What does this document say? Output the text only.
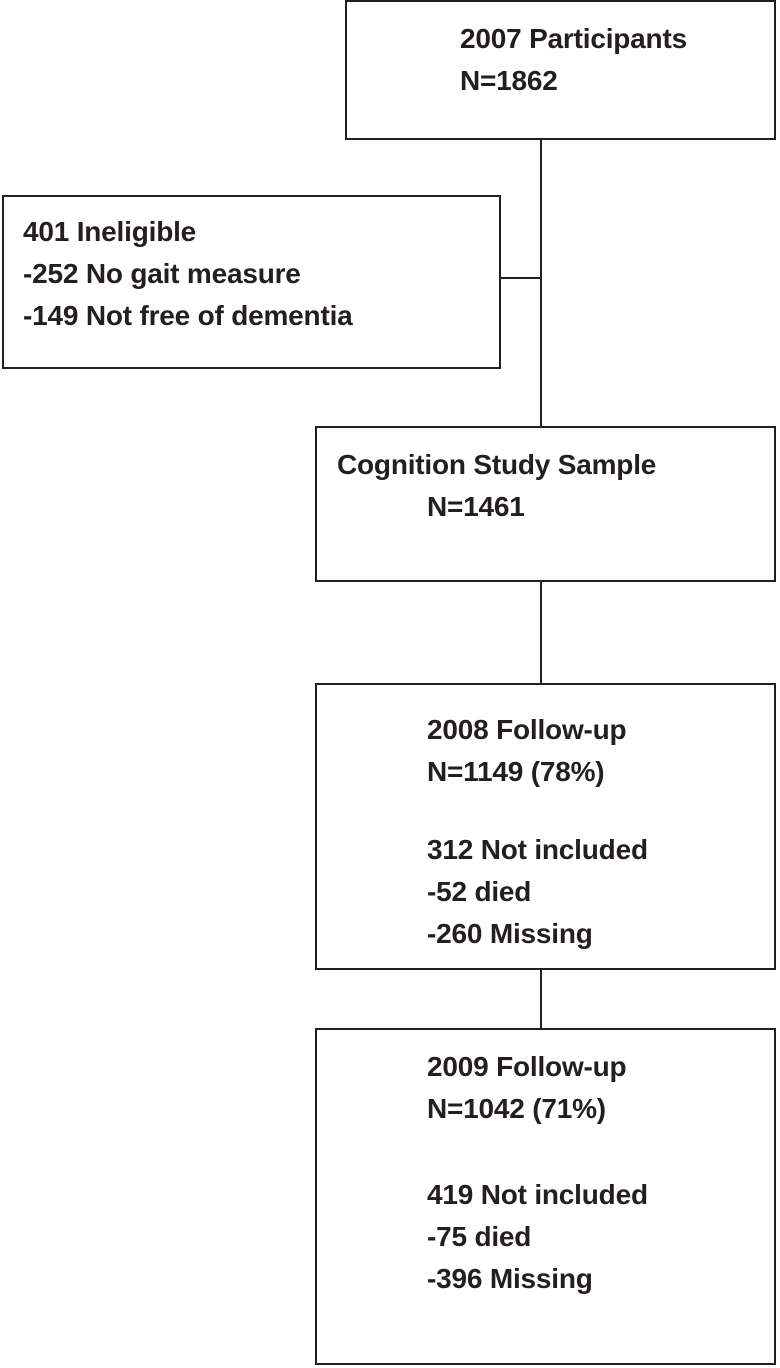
2007 Participants
N=1862
401 Ineligible
-252 No gait measure
-149 Not free of dementia
Cognition Study Sample
N=1461
2008 Follow-up
N=1149 (78%)
312 Not included
-52 died
-260 Missing
2009 Follow-up
N=1042 (71%)
419 Not included
-75 died
-396 Missing
